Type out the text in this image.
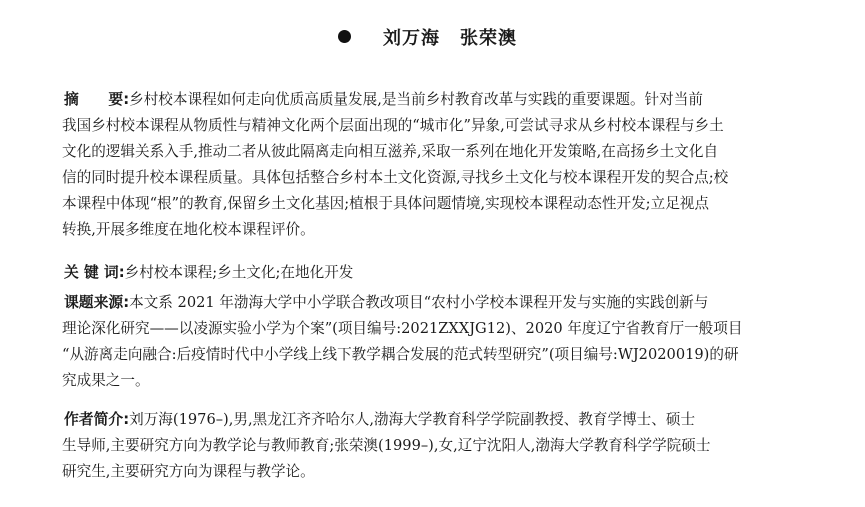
刘万海 张荣澳
摘　　要:乡村校本课程如何走向优质高质量发展,是当前乡村教育改革与实践的重要课题。针对当前
我国乡村校本课程从物质性与精神文化两个层面出现的“城市化”异象,可尝试寻求从乡村校本课程与乡土
文化的逻辑关系入手,推动二者从彼此隔离走向相互滋养,采取一系列在地化开发策略,在高扬乡土文化自
信的同时提升校本课程质量。具体包括整合乡村本土文化资源,寻找乡土文化与校本课程开发的契合点;校
本课程中体现“根”的教育,保留乡土文化基因;植根于具体问题情境,实现校本课程动态性开发;立足视点
转换,开展多维度在地化校本课程评价。
关 键 词:乡村校本课程;乡土文化;在地化开发
课题来源:本文系 2021 年渤海大学中小学联合教改项目“农村小学校本课程开发与实施的实践创新与
理论深化研究——以凌源实验小学为个案”(项目编号:2021ZXXJG12)、2020 年度辽宁省教育厅一般项目
“从游离走向融合:后疫情时代中小学线上线下教学耦合发展的范式转型研究”(项目编号:WJ2020019)的研
究成果之一。
作者简介:刘万海(1976–),男,黑龙江齐齐哈尔人,渤海大学教育科学学院副教授、教育学博士、硕士
生导师,主要研究方向为教学论与教师教育;张荣澳(1999–),女,辽宁沈阳人,渤海大学教育科学学院硕士
研究生,主要研究方向为课程与教学论。
